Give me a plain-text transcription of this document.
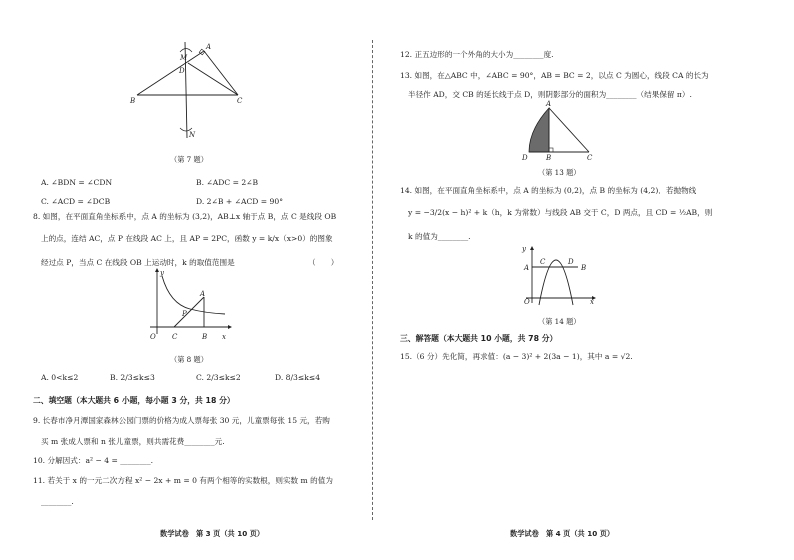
A
M
D
B	C
N
（第 7 题）
A. ∠BDN = ∠CDN	B. ∠ADC = 2∠B
C. ∠ACD = ∠DCB	D. 2∠B + ∠ACD = 90°
8. 如图，在平面直角坐标系中，点 A 的坐标为 (3,2)，AB⊥x 轴于点 B，点 C 是线段 OB
上的点，连结 AC，点 P 在线段 AC 上，且 AP = 2PC，函数 y = k/x（x>0）的图象
经过点 P，当点 C 在线段 OB 上运动时，k 的取值范围是	（　　）
y
A
P
O C	B x
（第 8 题）
A. 0<k≤2	B. 2/3≤k≤3	C. 2/3≤k≤2	D. 8/3≤k≤4
二、填空题（本大题共 6 小题，每小题 3 分，共 18 分）
9. 长春市净月潭国家森林公园门票的价格为成人票每张 30 元，儿童票每张 15 元，若购
买 m 张成人票和 n 张儿童票，则共需花费________元.
10. 分解因式：a² − 4 = ________.
11. 若关于 x 的一元二次方程 x² − 2x + m = 0 有两个相等的实数根，则实数 m 的值为
________.
数学试卷　第 3 页（共 10 页）
12. 正五边形的一个外角的大小为________度.
13. 如图，在△ABC 中，∠ABC = 90°，AB = BC = 2，以点 C 为圆心，线段 CA 的长为
半径作 AD，交 CB 的延长线于点 D，则阴影部分的面积为________（结果保留 π）.
A
D	B	C
（第 13 题）
14. 如图，在平面直角坐标系中，点 A 的坐标为 (0,2)，点 B 的坐标为 (4,2)．若抛物线
y = −3/2(x − h)² + k（h，k 为常数）与线段 AB 交于 C，D 两点，且 CD = ½AB，则
k 的值为________.
y
A
C	D
B
O	x
（第 14 题）
三、解答题（本大题共 10 小题，共 78 分）
15.（6 分）先化简，再求值：(a − 3)² + 2(3a − 1)，其中 a = √2.
数学试卷　第 4 页（共 10 页）
